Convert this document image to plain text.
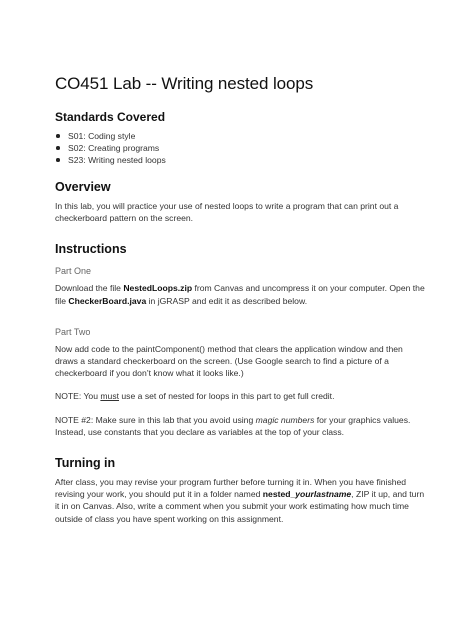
CO451 Lab -- Writing nested loops
Standards Covered
S01: Coding style
S02: Creating programs
S23: Writing nested loops
Overview

In this lab, you will practice your use of nested loops to write a program that can print out a checkerboard pattern on the screen.

Instructions
Part One

Download the file NestedLoops.zip from Canvas and uncompress it on your computer. Open the file CheckerBoard.java in jGRASP and edit it as described below.

Part Two

Now add code to the paintComponent() method that clears the application window and then draws a standard checkerboard on the screen. (Use Google search to find a picture of a checkerboard if you don’t know what it looks like.)

NOTE: You must use a set of nested for loops in this part to get full credit.

NOTE #2: Make sure in this lab that you avoid using magic numbers for your graphics values. Instead, use constants that you declare as variables at the top of your class.

Turning in

After class, you may revise your program further before turning it in. When you have finished revising your work, you should put it in a folder named nested_yourlastname, ZIP it up, and turn it in on Canvas. Also, write a comment when you submit your work estimating how much time outside of class you have spent working on this assignment.
